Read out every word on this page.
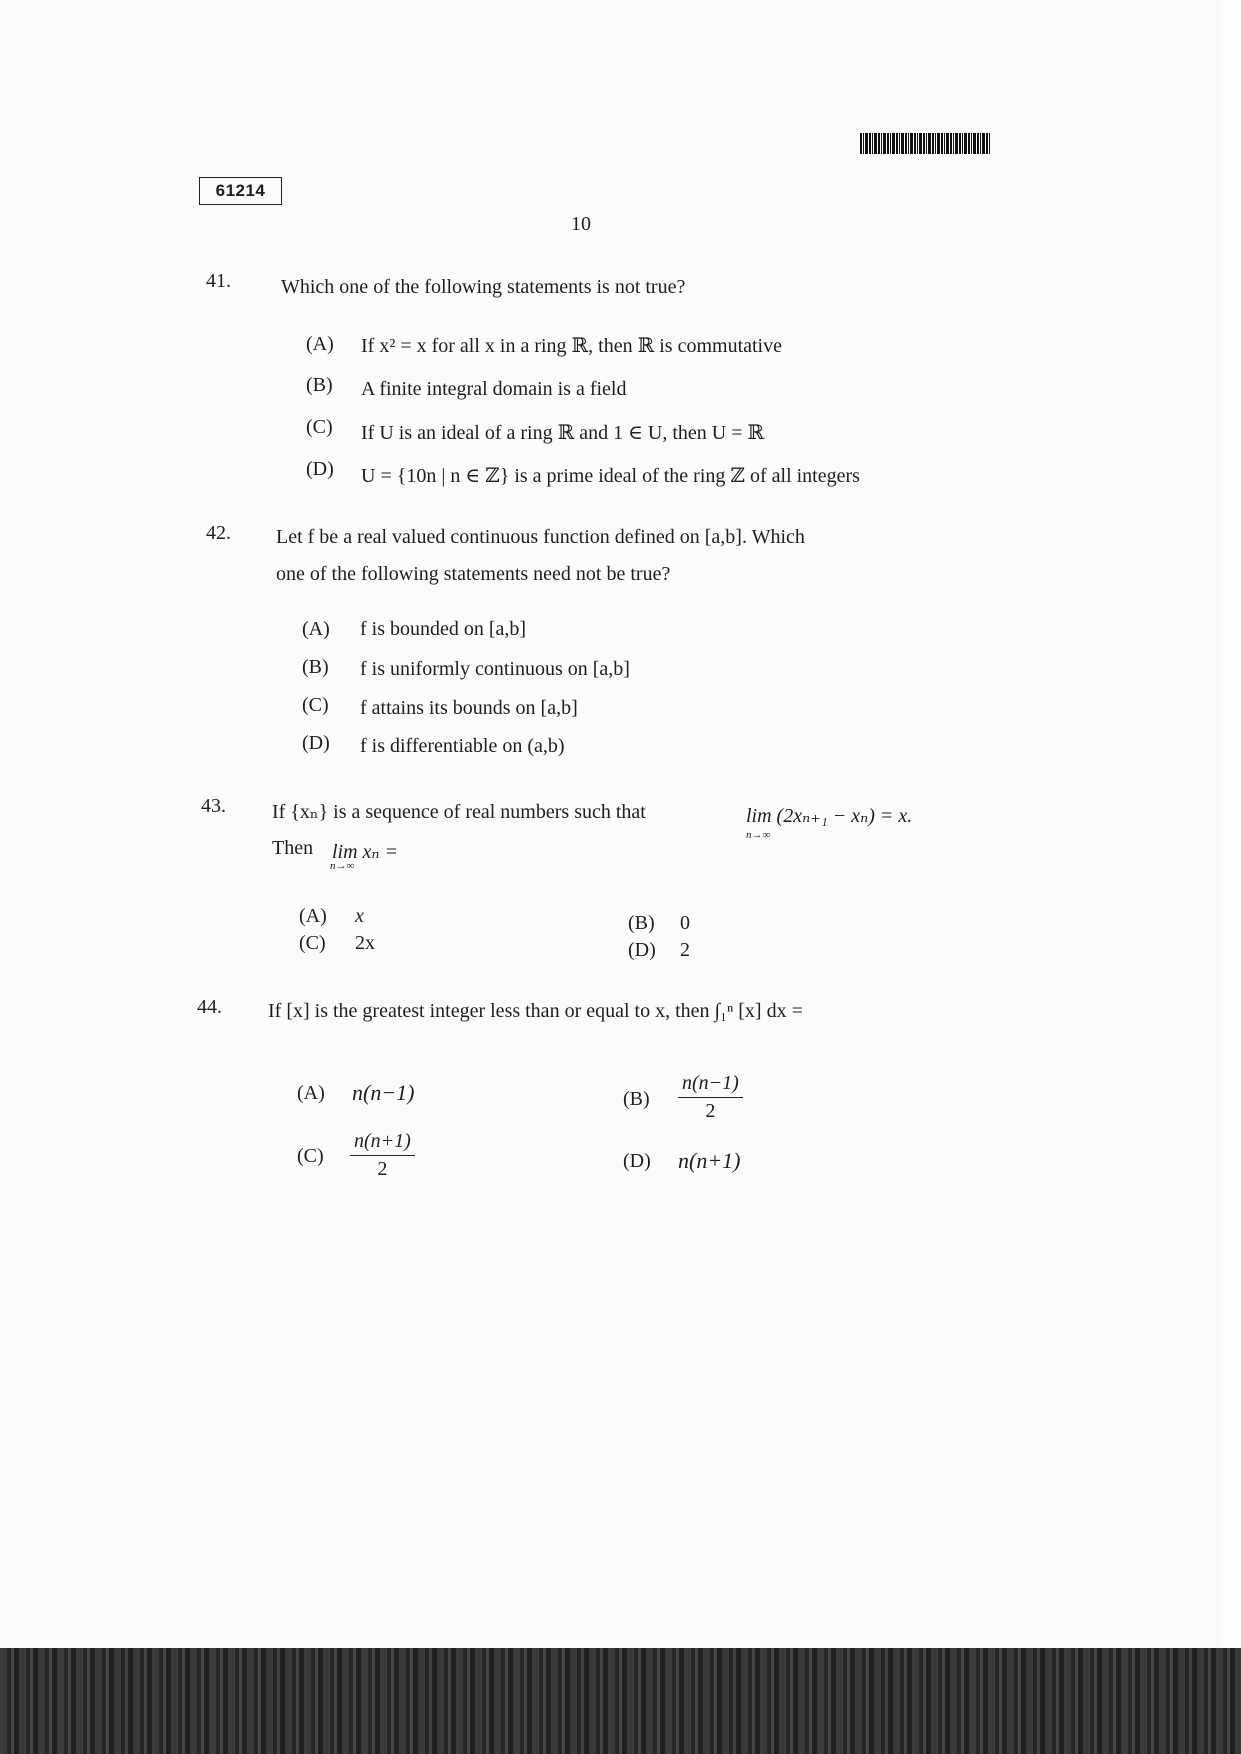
61214
10
41.	Which one of the following statements is not true?
(A) If x² = x for all x in a ring ℝ, then ℝ is commutative
(B) A finite integral domain is a field
(C) If U is an ideal of a ring ℝ and 1 ∈ U, then U = ℝ
(D) U = {10n | n ∈ ℤ} is a prime ideal of the ring ℤ of all integers
42. Let f be a real valued continuous function defined on [a,b]. Which
one of the following statements need not be true?
(A) f is bounded on [a,b]
(B) f is uniformly continuous on [a,b]
(C) f attains its bounds on [a,b]
(D) f is differentiable on (a,b)
43. If {xₙ} is a sequence of real numbers such that	lim (2xₙ₊₁ − xₙ) = x.
n→∞
Then lim xₙ =
n→∞
(A) x	(B) 0
(C) 2x	(D) 2
44. If [x] is the greatest integer less than or equal to x, then ∫₁ⁿ [x] dx =
(A) n(n−1)	$(B) \frac{n(n-1)}{2}$
$(C) \frac{n(n+1)}{2}$	(D) n(n+1)
